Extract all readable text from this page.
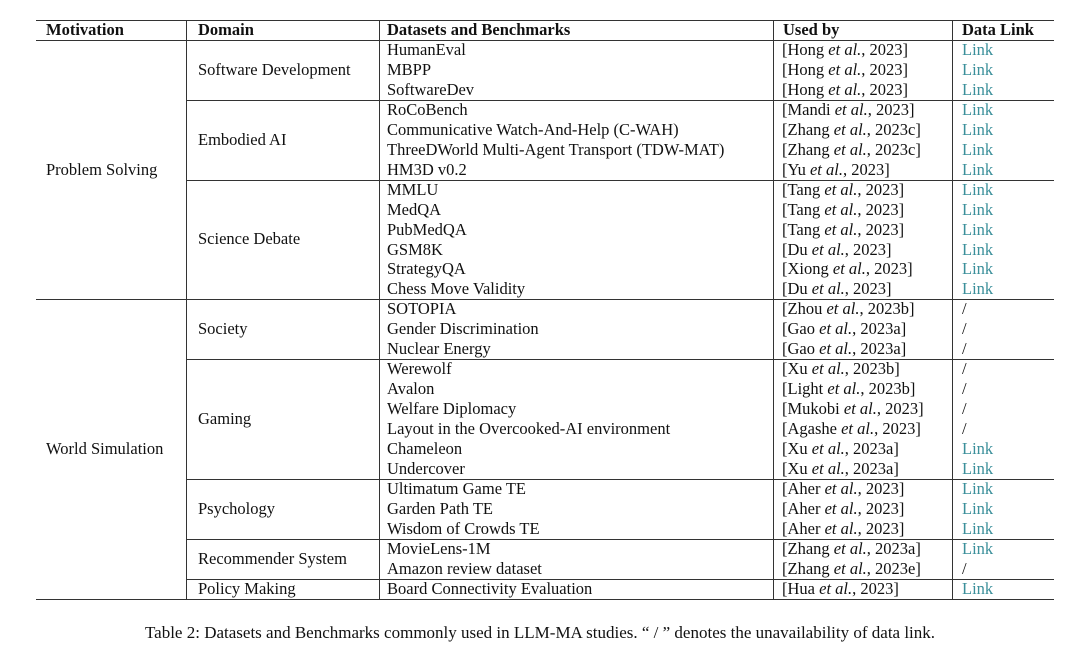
Motivation	Domain	Datasets and Benchmarks	Used by	Data Link
HumanEval	[Hong et al., 2023]	Link
MBPP	[Hong et al., 2023]	Link
SoftwareDev	[Hong et al., 2023]	Link
Software Development
RoCoBench	[Mandi et al., 2023]	Link
Communicative Watch-And-Help (C-WAH)	[Zhang et al., 2023c] Link
ThreeDWorld Multi-Agent Transport (TDW-MAT)	[Zhang et al., 2023c] Link
HM3D v0.2	[Yu et al., 2023]	Link
Embodied AI
MMLU	[Tang et al., 2023]	Link
MedQA	[Tang et al., 2023]	Link
PubMedQA	[Tang et al., 2023]	Link
GSM8K	[Du et al., 2023]	Link
StrategyQA	[Xiong et al., 2023]	Link
Chess Move Validity	[Du et al., 2023]	Link
Science Debate
Problem Solving
SOTOPIA	[Zhou et al., 2023b]	/
Gender Discrimination	[Gao et al., 2023a]	/
Nuclear Energy	[Gao et al., 2023a]	/
Society
Werewolf	[Xu et al., 2023b]	/
Avalon	[Light et al., 2023b]	/
Welfare Diplomacy	[Mukobi et al., 2023] /
Layout in the Overcooked-AI environment	[Agashe et al., 2023] /
Chameleon	[Xu et al., 2023a]	Link
Undercover	[Xu et al., 2023a]	Link
Gaming
Ultimatum Game TE	[Aher et al., 2023]	Link
Garden Path TE	[Aher et al., 2023]	Link
Wisdom of Crowds TE	[Aher et al., 2023]	Link
Psychology
MovieLens-1M	[Zhang et al., 2023a] Link
Amazon review dataset	[Zhang et al., 2023e] /
Recommender System
Board Connectivity Evaluation	[Hua et al., 2023]	Link
Policy Making
World Simulation
Table 2: Datasets and Benchmarks commonly used in LLM-MA studies. “ / ” denotes the unavailability of data link.
